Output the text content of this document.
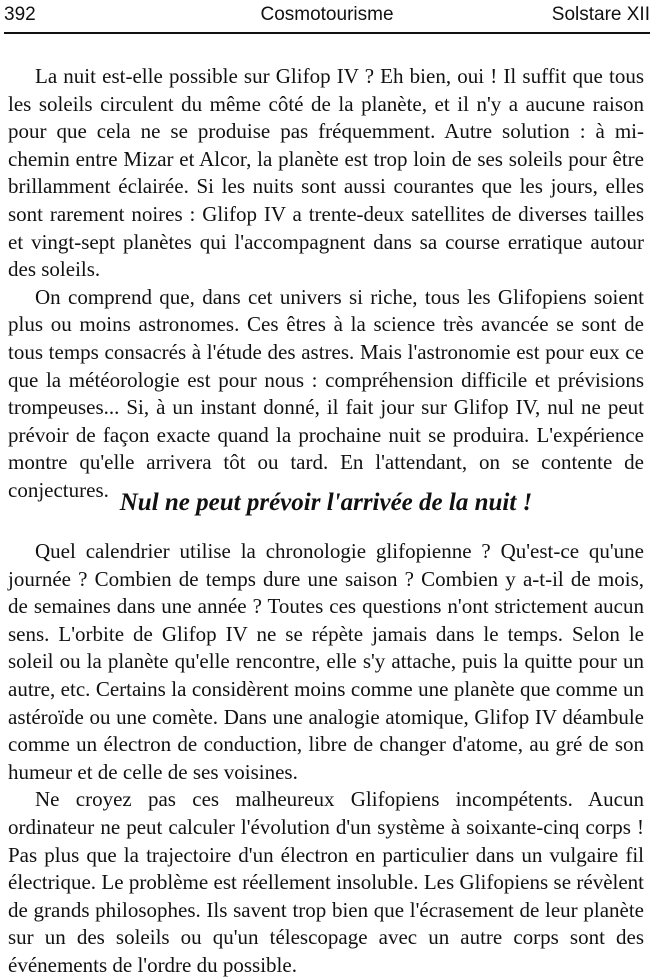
392	Cosmotourisme	Solstare XII

La nuit est-elle possible sur Glifop IV ? Eh bien, oui ! Il suffit que tous les soleils circulent du même côté de la planète, et il n'y a aucune raison pour que cela ne se produise pas fréquemment. Autre solution : à mi-chemin entre Mizar et Alcor, la planète est trop loin de ses soleils pour être brillamment éclairée. Si les nuits sont aussi courantes que les jours, elles sont rarement noires : Glifop IV a trente-deux satellites de diverses tailles et vingt-sept planètes qui l'accompagnent dans sa course erratique autour des soleils.

On comprend que, dans cet univers si riche, tous les Glifopiens soient plus ou moins astronomes. Ces êtres à la science très avancée se sont de tous temps consacrés à l'étude des astres. Mais l'astronomie est pour eux ce que la météorologie est pour nous : compréhension difficile et prévisions trompeuses... Si, à un instant donné, il fait jour sur Glifop IV, nul ne peut prévoir de façon exacte quand la prochaine nuit se produira. L'expérience montre qu'elle arrivera tôt ou tard. En l'attendant, on se contente de conjectures. Nul ne peut prévoir l'arrivée de la nuit !

Quel calendrier utilise la chronologie glifopienne ? Qu'est-ce qu'une journée ? Combien de temps dure une saison ? Combien y a-t-il de mois, de semaines dans une année ? Toutes ces questions n'ont strictement aucun sens. L'orbite de Glifop IV ne se répète jamais dans le temps. Selon le soleil ou la planète qu'elle rencontre, elle s'y attache, puis la quitte pour un autre, etc. Certains la considèrent moins comme une planète que comme un astéroïde ou une comète. Dans une analogie atomique, Glifop IV déambule comme un électron de conduction, libre de changer d'atome, au gré de son humeur et de celle de ses voisines.

Ne croyez pas ces malheureux Glifopiens incompétents. Aucun ordinateur ne peut calculer l'évolution d'un système à soixante-cinq corps ! Pas plus que la trajectoire d'un électron en particulier dans un vulgaire fil électrique. Le problème est réellement insoluble. Les Glifopiens se révèlent de grands philosophes. Ils savent trop bien que l'écrasement de leur planète sur un des soleils ou qu'un télescopage avec un autre corps sont des événements de l'ordre du possible.
